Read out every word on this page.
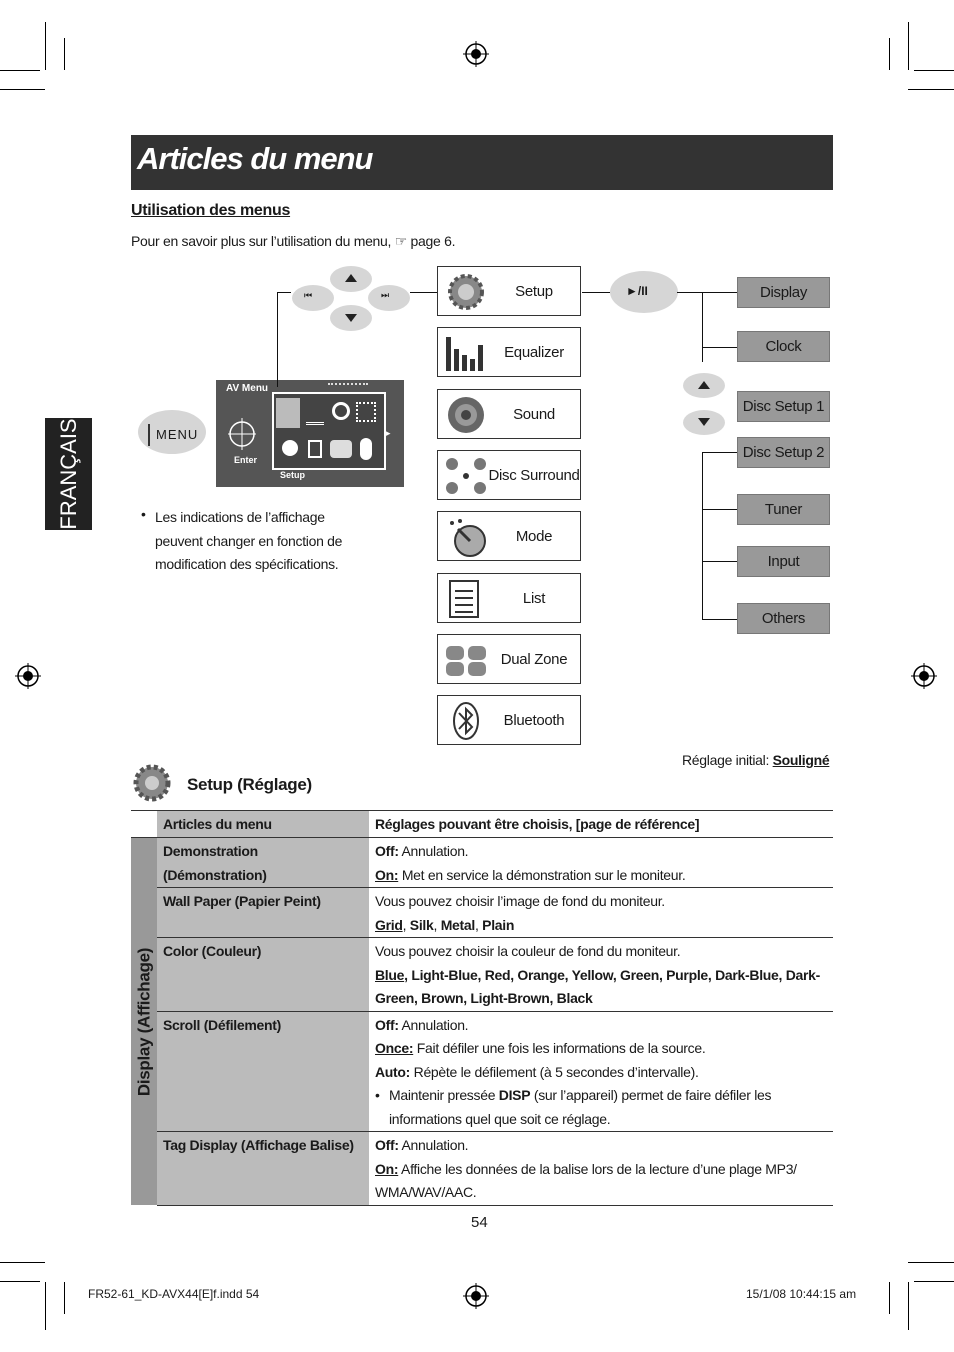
Articles du menu
Utilisation des menus
Pour en savoir plus sur l’utilisation du menu, ☞ page 6.
FRANÇAIS	MENU
AV Menu
Enter
Setup
▸
⏮	⏭	Setup
Equalizer
Sound
Disc Surround
Mode
List
Dual Zone
Bluetooth
►/II	Display
Clock
Disc Setup 1
Disc Setup 2
Tuner
Input
Others
• Les indications de l’affichage peuvent changer en fonction de modification des spécifications.
Setup (Réglage)
Réglage initial: Souligné
	Articles du menu	Réglages pouvant être choisis, [page de référence]

Display (Affichage)	Demonstration (Démonstration)	Off: Annulation.
On: Met en service la démonstration sur le moniteur.

	Wall Paper (Papier Peint)	Vous pouvez choisir l’image de fond du moniteur.
Grid, Silk, Metal, Plain

	Color (Couleur)	Vous pouvez choisir la couleur de fond du moniteur.
Blue, Light-Blue, Red, Orange, Yellow, Green, Purple, Dark-Blue, Dark-Green, Brown, Light-Brown, Black

	Scroll (Défilement)	Off: Annulation.
Once: Fait défiler une fois les informations de la source.
Auto: Répète le défilement (à 5 secondes d’intervalle).
• Maintenir pressée DISP (sur l’appareil) permet de faire défiler les informations quel que soit ce réglage.

	Tag Display (Affichage Balise)	Off: Annulation.
On: Affiche les données de la balise lors de la lecture d’une plage MP3/ WMA/WAV/AAC.
54
FR52-61_KD-AVX44[E]f.indd 54	15/1/08 10:44:15 am
